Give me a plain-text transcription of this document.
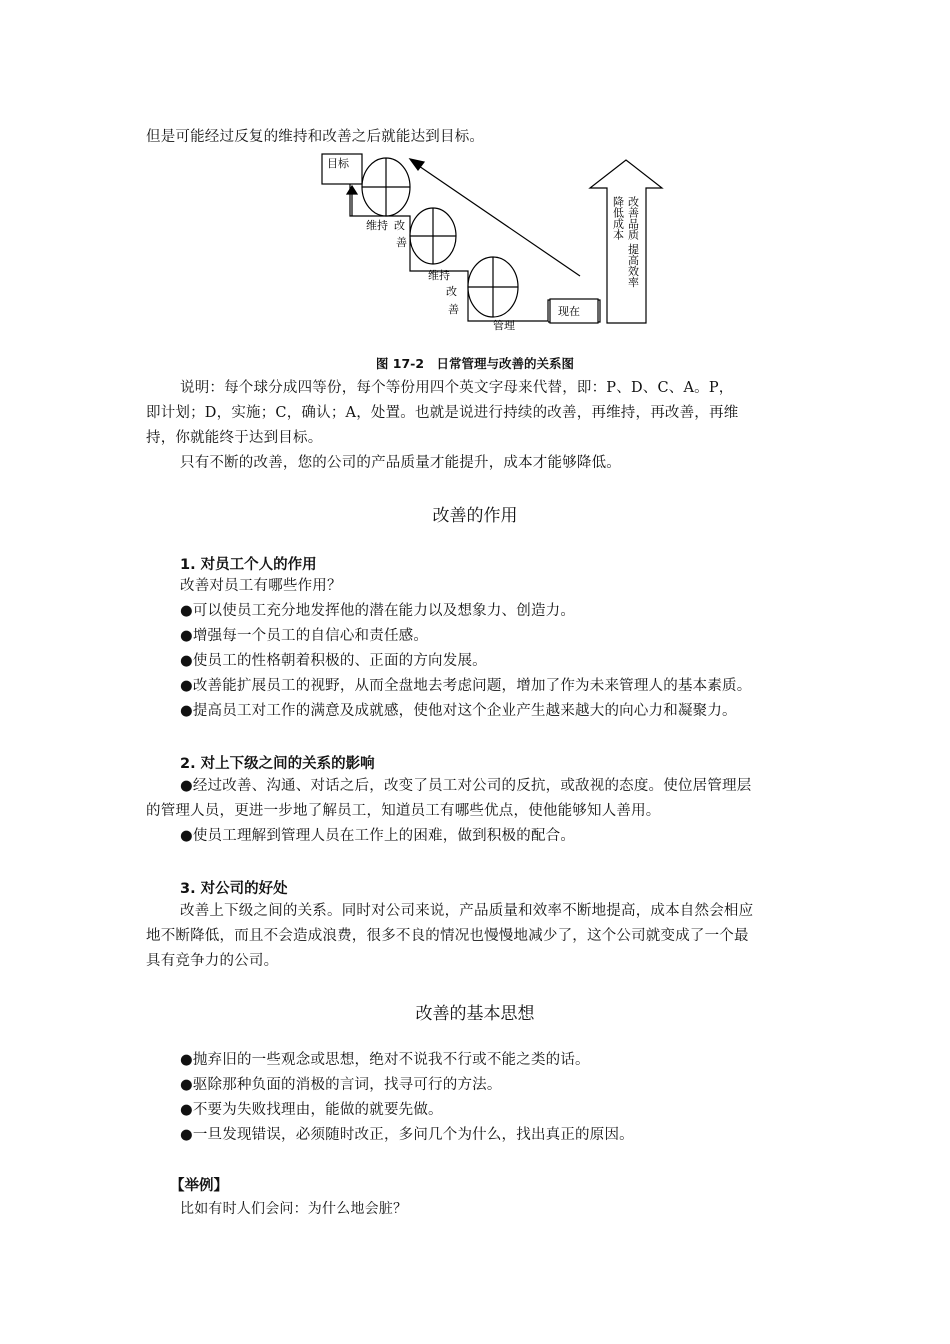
但是可能经过反复的维持和改善之后就能达到目标。
目标
现在
维持 改
善
维持
改
善
管理
降低成本 改善品质 提高效率
图 17-2　日常管理与改善的关系图
说明：每个球分成四等份，每个等份用四个英文字母来代替，即：P、D、C、A。P，
即计划；D，实施；C，确认；A，处置。也就是说进行持续的改善，再维持，再改善，再维
持，你就能终于达到目标。
只有不断的改善，您的公司的产品质量才能提升，成本才能够降低。
改善的作用
1. 对员工个人的作用
改善对员工有哪些作用？
●可以使员工充分地发挥他的潜在能力以及想象力、创造力。
●增强每一个员工的自信心和责任感。
●使员工的性格朝着积极的、正面的方向发展。
●改善能扩展员工的视野，从而全盘地去考虑问题，增加了作为未来管理人的基本素质。
●提高员工对工作的满意及成就感，使他对这个企业产生越来越大的向心力和凝聚力。
2. 对上下级之间的关系的影响
●经过改善、沟通、对话之后，改变了员工对公司的反抗，或敌视的态度。使位居管理层
的管理人员，更进一步地了解员工，知道员工有哪些优点，使他能够知人善用。
●使员工理解到管理人员在工作上的困难，做到积极的配合。
3. 对公司的好处
改善上下级之间的关系。同时对公司来说，产品质量和效率不断地提高，成本自然会相应
地不断降低，而且不会造成浪费，很多不良的情况也慢慢地减少了，这个公司就变成了一个最
具有竞争力的公司。
改善的基本思想
●抛弃旧的一些观念或思想，绝对不说我不行或不能之类的话。
●驱除那种负面的消极的言词，找寻可行的方法。
●不要为失败找理由，能做的就要先做。
●一旦发现错误，必须随时改正，多问几个为什么，找出真正的原因。
【举例】
比如有时人们会问：为什么地会脏？
